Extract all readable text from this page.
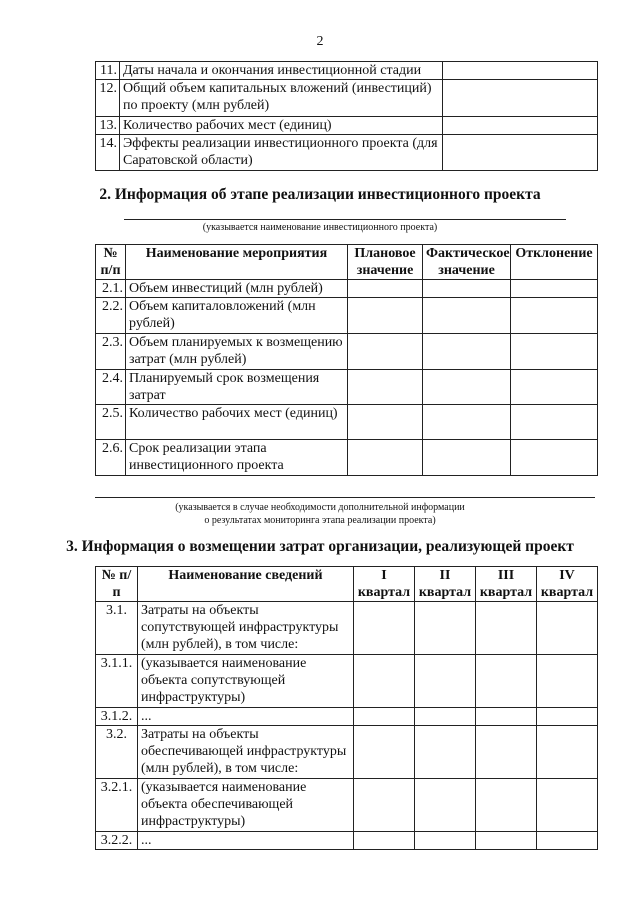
2
11.	Даты начала и окончания инвестиционной стадии	
12.	Общий объем капитальных вложений (инвестиций) по проекту (млн рублей)	
13.	Количество рабочих мест (единиц)	
14.	Эффекты реализации инвестиционного проекта (для Саратовской области)	
2. Информация об этапе реализации инвестиционного проекта
(указывается наименование инвестиционного проекта)
№ п/п	Наименование мероприятия	Плановое значение	Фактическое значение	Отклонение
2.1.	Объем инвестиций (млн рублей)			
2.2.	Объем капиталовложений (млн рублей)			
2.3.	Объем планируемых к возмещению затрат (млн рублей)			
2.4.	Планируемый срок возмещения затрат			
2.5.	Количество рабочих мест (единиц)			
2.6.	Срок реализации этапа инвестиционного проекта			
(указывается в случае необходимости дополнительной информации
о результатах мониторинга этапа реализации проекта)
3. Информация о возмещении затрат организации, реализующей проект
№ п/п	Наименование сведений	I квартал	II квартал	III квартал	IV квартал
3.1.	Затраты на объекты сопутствующей инфраструктуры (млн рублей), в том числе:				
3.1.1.	(указывается наименование объекта сопутствующей инфраструктуры)				
3.1.2.	...				
3.2.	Затраты на объекты обеспечивающей инфраструктуры (млн рублей), в том числе:				
3.2.1.	(указывается наименование объекта обеспечивающей инфраструктуры)				
3.2.2.	...				
